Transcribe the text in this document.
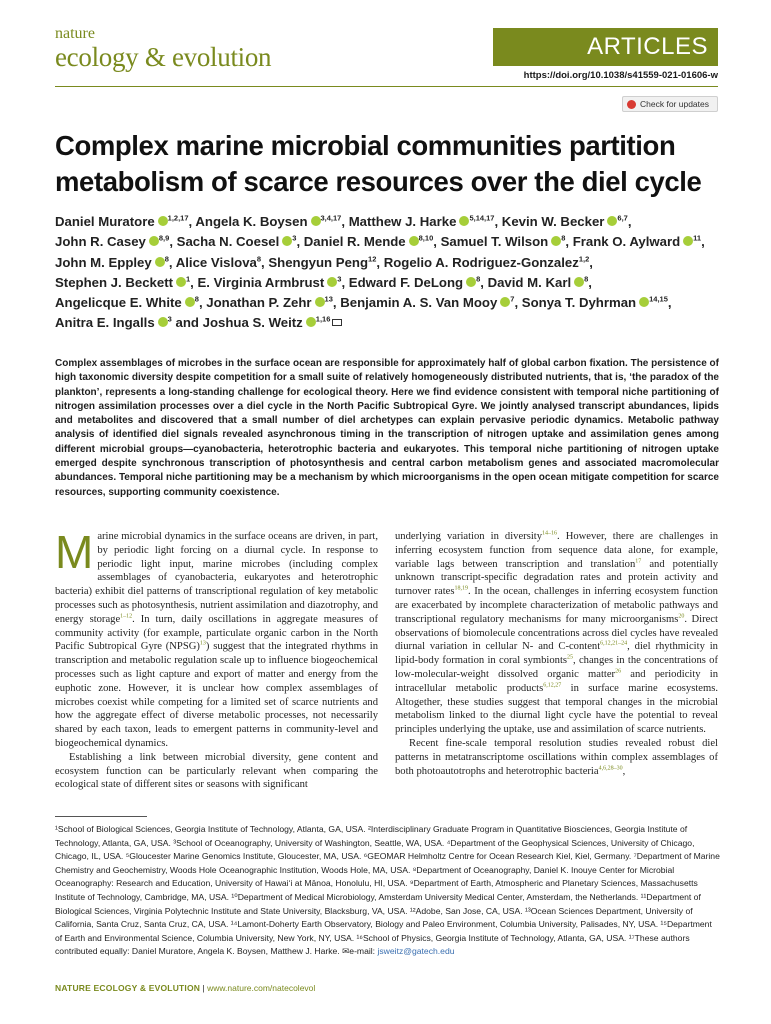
nature
ecology & evolution	ARTICLES
https://doi.org/10.1038/s41559-021-01606-w
Check for updates
Complex marine microbial communities partition metabolism of scarce resources over the diel cycle
Daniel Muratore $^{1,2,17}$, Angela K. Boysen $^{3,4,17}$, Matthew J. Harke $^{5,14,17}$, Kevin W. Becker $^{6,7}$, John R. Casey $^{8,9}$, Sacha N. Coesel $^3$, Daniel R. Mende $^{8,10}$, Samuel T. Wilson $^8$, Frank O. Aylward $^{11}$, John M. Eppley $^8$, Alice Vislova$^8$, Shengyun Peng$^{12}$, Rogelio A. Rodriguez-Gonzalez$^{1,2}$, Stephen J. Beckett $^1$, E. Virginia Armbrust $^3$, Edward F. DeLong $^8$, David M. Karl $^8$, Angelicque E. White $^8$, Jonathan P. Zehr $^{13}$, Benjamin A. S. Van Mooy $^7$, Sonya T. Dyhrman $^{14,15}$, Anitra E. Ingalls $^3$ and Joshua S. Weitz $^{1,16}$

Complex assemblages of microbes in the surface ocean are responsible for approximately half of global carbon fixation. The persistence of high taxonomic diversity despite competition for a small suite of relatively homogeneously distributed nutrients, that is, ‘the paradox of the plankton’, represents a long-standing challenge for ecological theory. Here we find evidence consistent with temporal niche partitioning of nitrogen assimilation processes over a diel cycle in the North Pacific Subtropical Gyre. We jointly analysed transcript abundances, lipids and metabolites and discovered that a small number of diel archetypes can explain pervasive periodic dynamics. Metabolic pathway analysis of identified diel signals revealed asynchronous timing in the transcription of nitrogen uptake and assimilation genes among different microbial groups—cyanobacteria, heterotrophic bacteria and eukaryotes. This temporal niche partitioning of nitrogen uptake emerged despite synchronous transcription of photosynthesis and central carbon metabolism genes and associated macromolecular abundances. Temporal niche partitioning may be a mechanism by which microorganisms in the open ocean mitigate competition for scarce resources, supporting community coexistence.

Marine microbial dynamics in the surface oceans are driven, in part, by periodic light forcing on a diurnal cycle. In response to periodic light input, marine microbes (including complex assemblages of cyanobacteria, eukaryotes and heterotrophic bacteria) exhibit diel patterns of transcriptional regulation of key metabolic processes such as photosynthesis, nutrient assimilation and diazotrophy, and energy storage$^{1-12}$. In turn, daily oscillations in aggregate measures of community activity (for example, particulate organic carbon in the North Pacific Subtropical Gyre (NPSG)$^{13}$) suggest that the integrated rhythms in transcription and metabolic regulation scale up to influence biogeochemical processes such as light capture and export of matter and energy from the euphotic zone. However, it is unclear how complex assemblages of microbes coexist while competing for a limited set of scarce nutrients and how the aggregate effect of diverse metabolic processes, not necessarily shared by each taxon, leads to emergent patterns in community-level and biogeochemical dynamics.

Establishing a link between microbial diversity, gene content and ecosystem function can be particularly relevant when comparing the ecological state of different sites or seasons with significant

underlying variation in diversity$^{14-16}$. However, there are challenges in inferring ecosystem function from sequence data alone, for example, variable lags between transcription and translation$^{17}$ and potentially unknown transcript-specific degradation rates and protein activity and turnover rates$^{18,19}$. In the ocean, challenges in inferring ecosystem function are exacerbated by incomplete characterization of metabolic pathways and transcriptional regulatory mechanisms for many microorganisms$^{20}$. Direct observations of biomolecule concentrations across diel cycles have revealed diurnal variation in cellular N- and C-content$^{6,12,21-24}$, diel rhythmicity in lipid-body formation in coral symbionts$^{25}$, changes in the concentrations of low-molecular-weight dissolved organic matter$^{26}$ and periodicity in intracellular metabolic products$^{6,12,27}$ in surface marine ecosystems. Altogether, these studies suggest that temporal changes in the microbial metabolism linked to the diurnal light cycle have the potential to reveal principles underlying the uptake, use and assimilation of scarce nutrients.

Recent fine-scale temporal resolution studies revealed robust diel patterns in metatranscriptome oscillations within complex assemblages of both photoautotrophs and heterotrophic bacteria$^{4,6,28-30}$,

¹School of Biological Sciences, Georgia Institute of Technology, Atlanta, GA, USA. ²Interdisciplinary Graduate Program in Quantitative Biosciences, Georgia Institute of Technology, Atlanta, GA, USA. ³School of Oceanography, University of Washington, Seattle, WA, USA. ⁴Department of the Geophysical Sciences, University of Chicago, Chicago, IL, USA. ⁵Gloucester Marine Genomics Institute, Gloucester, MA, USA. ⁶GEOMAR Helmholtz Centre for Ocean Research Kiel, Kiel, Germany. ⁷Department of Marine Chemistry and Geochemistry, Woods Hole Oceanographic Institution, Woods Hole, MA, USA. ⁸Department of Oceanography, Daniel K. Inouye Center for Microbial Oceanography: Research and Education, University of Hawai‘i at Mānoa, Honolulu, HI, USA. ⁹Department of Earth, Atmospheric and Planetary Sciences, Massachusetts Institute of Technology, Cambridge, MA, USA. ¹⁰Department of Medical Microbiology, Amsterdam University Medical Center, Amsterdam, the Netherlands. ¹¹Department of Biological Sciences, Virginia Polytechnic Institute and State University, Blacksburg, VA, USA. ¹²Adobe, San Jose, CA, USA. ¹³Ocean Sciences Department, University of California, Santa Cruz, Santa Cruz, CA, USA. ¹⁴Lamont-Doherty Earth Observatory, Biology and Paleo Environment, Columbia University, Palisades, NY, USA. ¹⁵Department of Earth and Environmental Science, Columbia University, New York, NY, USA. ¹⁶School of Physics, Georgia Institute of Technology, Atlanta, GA, USA. ¹⁷These authors contributed equally: Daniel Muratore, Angela K. Boysen, Matthew J. Harke. ✉e-mail: jsweitz@gatech.edu
NATURE ECOLOGY & EVOLUTION | www.nature.com/natecolevol
